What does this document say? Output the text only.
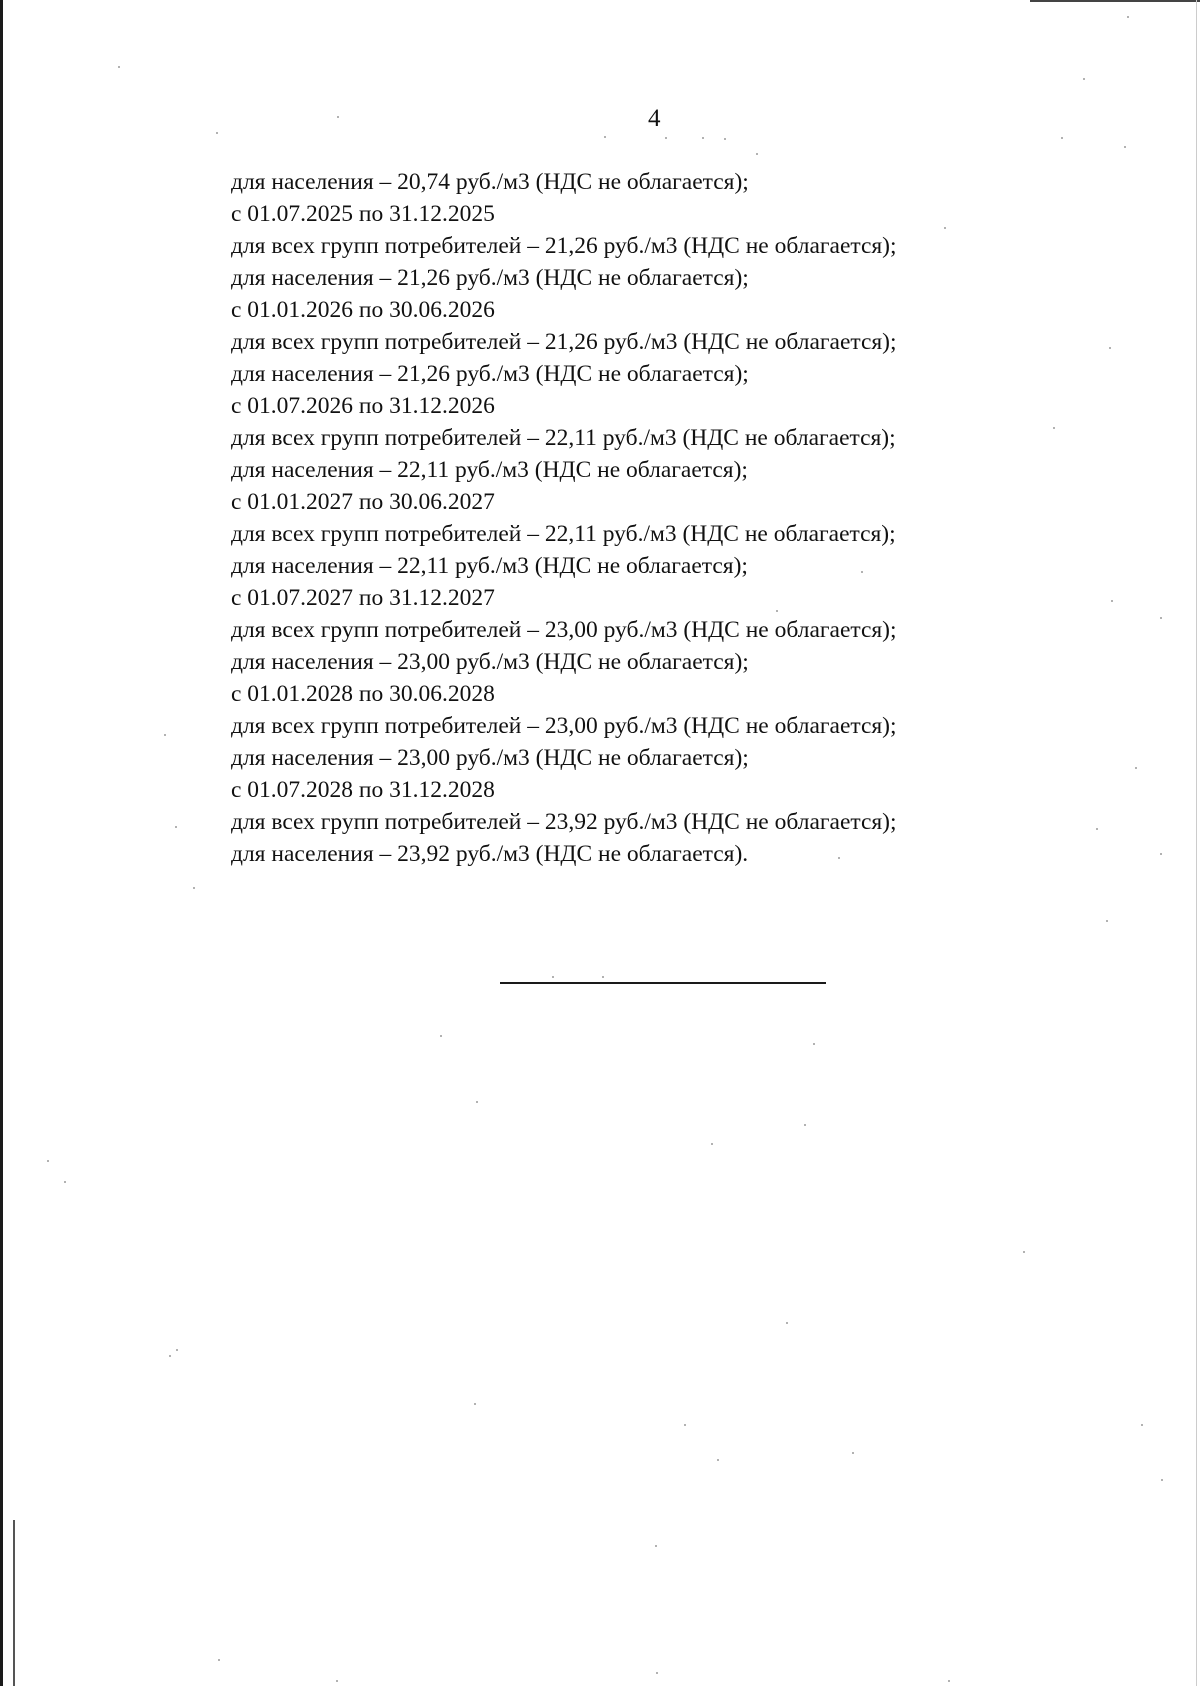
4
для населения – 20,74 руб./м3 (НДС не облагается);
с 01.07.2025 по 31.12.2025
для всех групп потребителей – 21,26 руб./м3 (НДС не облагается);
для населения – 21,26 руб./м3 (НДС не облагается);
с 01.01.2026 по 30.06.2026
для всех групп потребителей – 21,26 руб./м3 (НДС не облагается);
для населения – 21,26 руб./м3 (НДС не облагается);
с 01.07.2026 по 31.12.2026
для всех групп потребителей – 22,11 руб./м3 (НДС не облагается);
для населения – 22,11 руб./м3 (НДС не облагается);
с 01.01.2027 по 30.06.2027
для всех групп потребителей – 22,11 руб./м3 (НДС не облагается);
для населения – 22,11 руб./м3 (НДС не облагается);
с 01.07.2027 по 31.12.2027
для всех групп потребителей – 23,00 руб./м3 (НДС не облагается);
для населения – 23,00 руб./м3 (НДС не облагается);
с 01.01.2028 по 30.06.2028
для всех групп потребителей – 23,00 руб./м3 (НДС не облагается);
для населения – 23,00 руб./м3 (НДС не облагается);
с 01.07.2028 по 31.12.2028
для всех групп потребителей – 23,92 руб./м3 (НДС не облагается);
для населения – 23,92 руб./м3 (НДС не облагается).
